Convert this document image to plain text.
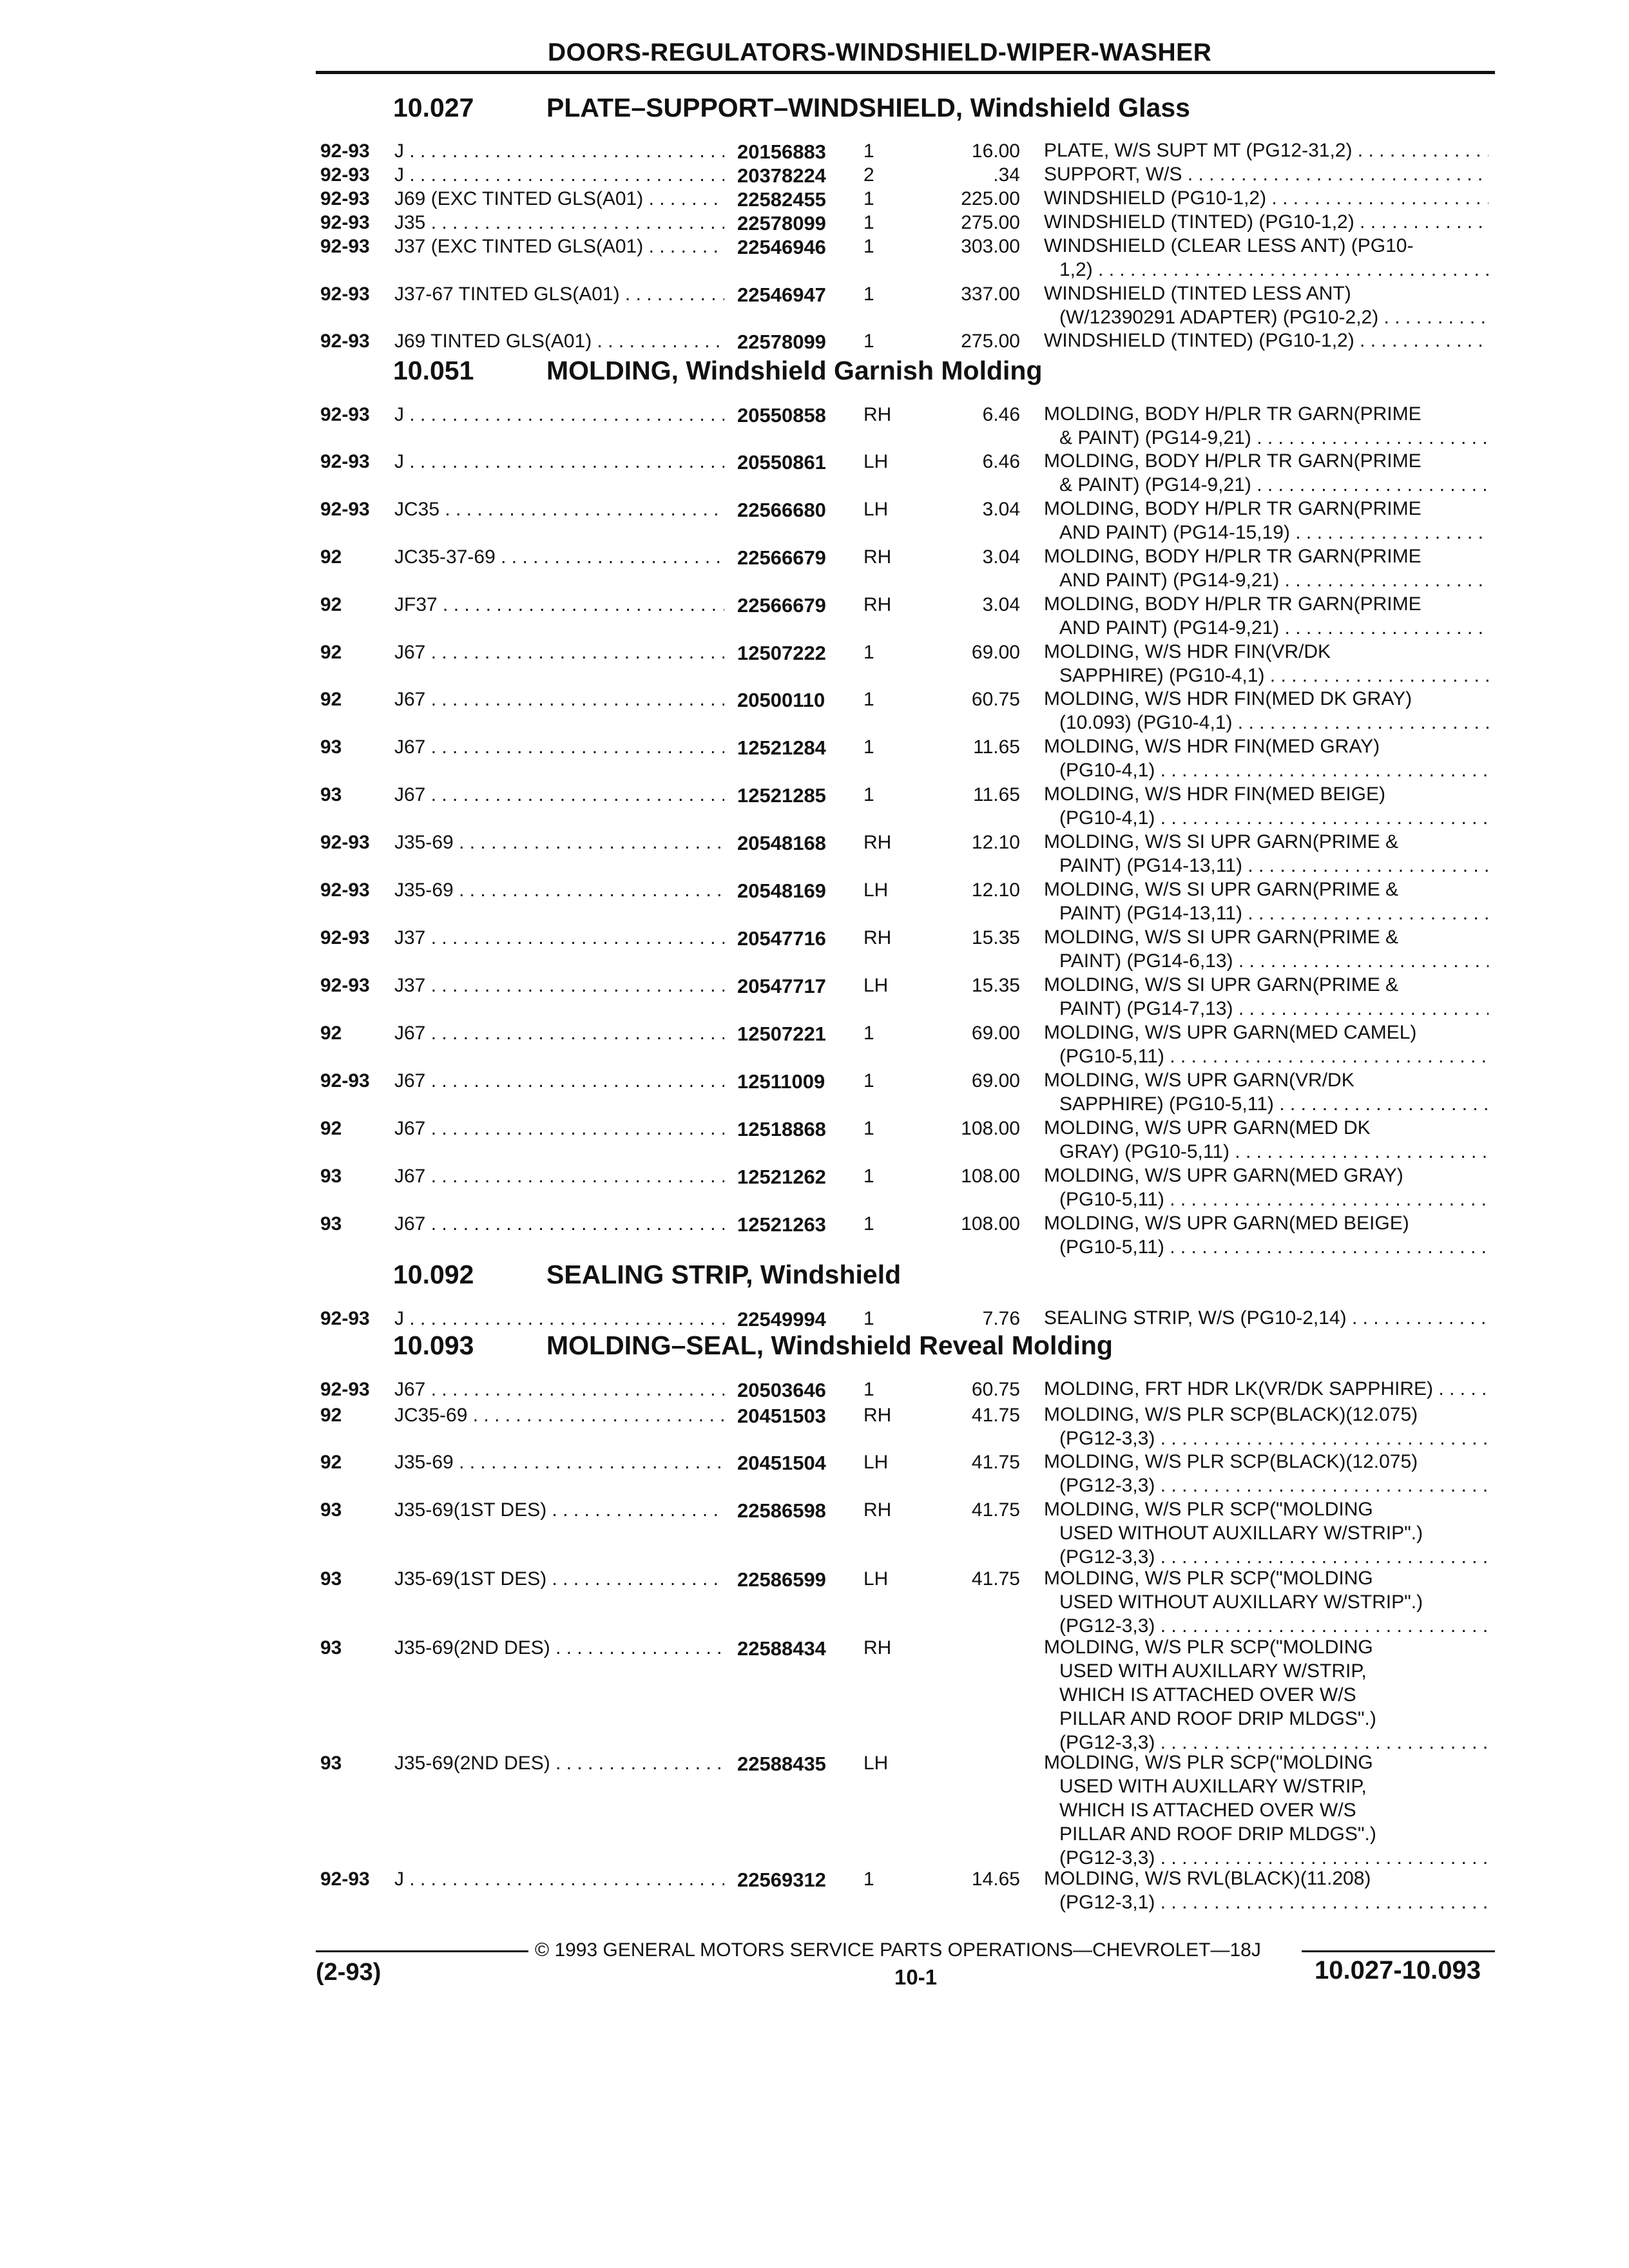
DOORS-REGULATORS-WINDSHIELD-WIPER-WASHER
10.027	PLATE–SUPPORT–WINDSHIELD, Windshield Glass
92-93 J . . .	20156883 1	16.00 PLATE, W/S SUPT MT (PG12-31,2) . . .
92-93 J . . .	20378224 2	.34 SUPPORT, W/S . . .
92-93 J69 (EXC TINTED GLS(A01) . . .	22582455 1	225.00 WINDSHIELD (PG10-1,2) . . .
92-93 J35 . . .	22578099 1	275.00 WINDSHIELD (TINTED) (PG10-1,2) . . .
92-93 J37 (EXC TINTED GLS(A01) . . .	22546946 1	303.00 WINDSHIELD (CLEAR LESS ANT) (PG10-
1,2) . . .
92-93 J37-67 TINTED GLS(A01) . . .	22546947 1	337.00 WINDSHIELD (TINTED LESS ANT)
(W/12390291 ADAPTER) (PG10-2,2) . . .
92-93 J69 TINTED GLS(A01) . . .	22578099 1	275.00 WINDSHIELD (TINTED) (PG10-1,2) . . .
10.051	MOLDING, Windshield Garnish Molding
92-93 J . . .	20550858 RH	6.46 MOLDING, BODY H/PLR TR GARN(PRIME
& PAINT) (PG14-9,21) . . .
92-93 J . . .	20550861 LH	6.46 MOLDING, BODY H/PLR TR GARN(PRIME
& PAINT) (PG14-9,21) . . .
92-93 JC35 . . .	22566680 LH	3.04 MOLDING, BODY H/PLR TR GARN(PRIME
AND PAINT) (PG14-15,19) . . .
92	JC35-37-69 . . .	22566679 RH	3.04 MOLDING, BODY H/PLR TR GARN(PRIME
AND PAINT) (PG14-9,21) . . .
92	JF37 . . .	22566679 RH	3.04 MOLDING, BODY H/PLR TR GARN(PRIME
AND PAINT) (PG14-9,21) . . .
92	J67 . . .	12507222 1	69.00 MOLDING, W/S HDR FIN(VR/DK
SAPPHIRE) (PG10-4,1) . . .
92	J67 . . .	20500110 1	60.75 MOLDING, W/S HDR FIN(MED DK GRAY)
(10.093) (PG10-4,1) . . .
93	J67 . . .	12521284 1	11.65 MOLDING, W/S HDR FIN(MED GRAY)
(PG10-4,1) . . .
93	J67 . . .	12521285 1	11.65 MOLDING, W/S HDR FIN(MED BEIGE)
(PG10-4,1) . . .
92-93 J35-69 . . .	20548168 RH	12.10 MOLDING, W/S SI UPR GARN(PRIME &
PAINT) (PG14-13,11) . . .
92-93 J35-69 . . .	20548169 LH	12.10 MOLDING, W/S SI UPR GARN(PRIME &
PAINT) (PG14-13,11) . . .
92-93 J37 . . .	20547716 RH	15.35 MOLDING, W/S SI UPR GARN(PRIME &
PAINT) (PG14-6,13) . . .
92-93 J37 . . .	20547717 LH	15.35 MOLDING, W/S SI UPR GARN(PRIME &
PAINT) (PG14-7,13) . . .
92	J67 . . .	12507221 1	69.00 MOLDING, W/S UPR GARN(MED CAMEL)
(PG10-5,11) . . .
92-93 J67 . . .	12511009 1	69.00 MOLDING, W/S UPR GARN(VR/DK
SAPPHIRE) (PG10-5,11) . . .
92	J67 . . .	12518868 1	108.00 MOLDING, W/S UPR GARN(MED DK
GRAY) (PG10-5,11) . . .
93	J67 . . .	12521262 1	108.00 MOLDING, W/S UPR GARN(MED GRAY)
(PG10-5,11) . . .
93	J67 . . .	12521263 1	108.00 MOLDING, W/S UPR GARN(MED BEIGE)
(PG10-5,11) . . .
10.092	SEALING STRIP, Windshield
92-93 J . . .	22549994 1	7.76 SEALING STRIP, W/S (PG10-2,14) . . .
10.093	MOLDING–SEAL, Windshield Reveal Molding
92-93 J67 . . .	20503646 1	60.75 MOLDING, FRT HDR LK(VR/DK SAPPHIRE) . . .
92	JC35-69 . . .	20451503 RH	41.75 MOLDING, W/S PLR SCP(BLACK)(12.075)
(PG12-3,3) . . .
92	J35-69 . . .	20451504 LH	41.75 MOLDING, W/S PLR SCP(BLACK)(12.075)
(PG12-3,3) . . .
93	J35-69(1ST DES) . . .	22586598 RH	41.75 MOLDING, W/S PLR SCP("MOLDING
USED WITHOUT AUXILLARY W/STRIP".)
(PG12-3,3) . . .
93	J35-69(1ST DES) . . .	22586599 LH	41.75 MOLDING, W/S PLR SCP("MOLDING
USED WITHOUT AUXILLARY W/STRIP".)
(PG12-3,3) . . .
93	J35-69(2ND DES) . . .	22588434 RH	MOLDING, W/S PLR SCP("MOLDING
USED WITH AUXILLARY W/STRIP,
WHICH IS ATTACHED OVER W/S
PILLAR AND ROOF DRIP MLDGS".)
(PG12-3,3) . . .
93	J35-69(2ND DES) . . .	22588435 LH	MOLDING, W/S PLR SCP("MOLDING
USED WITH AUXILLARY W/STRIP,
WHICH IS ATTACHED OVER W/S
PILLAR AND ROOF DRIP MLDGS".)
(PG12-3,3) . . .
92-93 J . . .	22569312 1	14.65 MOLDING, W/S RVL(BLACK)(11.208)
(PG12-3,1) . . .
© 1993 GENERAL MOTORS SERVICE PARTS OPERATIONS—CHEVROLET—18J
(2-93)	10-1	10.027-10.093
